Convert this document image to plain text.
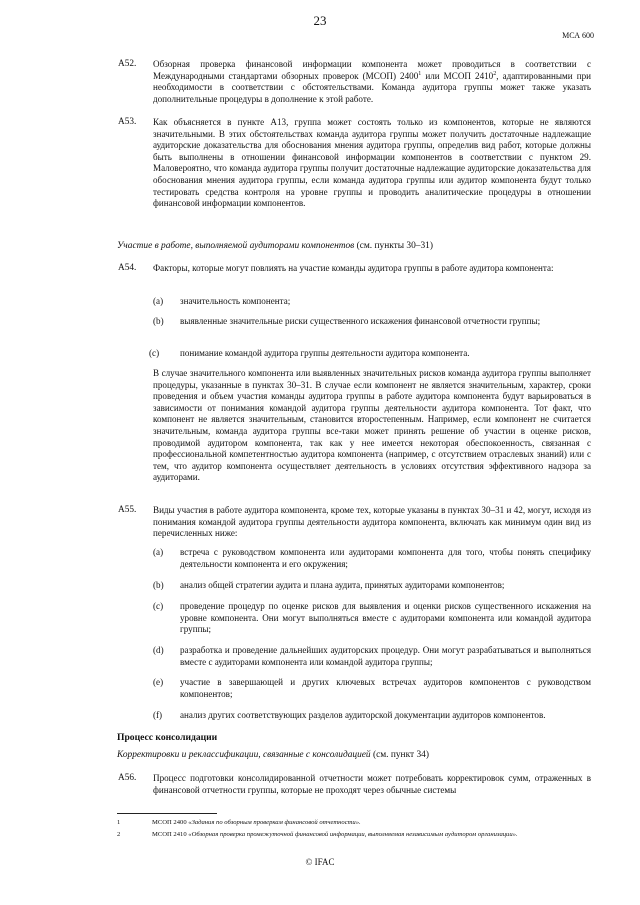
23
МСА 600
A52. Обзорная проверка финансовой информации компонента может проводиться в соответствии с Международными стандартами обзорных проверок (МСОП) 2400$^1$ или МСОП 2410$^2$, адаптированными при необходимости в соответствии с обстоятельствами. Команда аудитора группы может также указать дополнительные процедуры в дополнение к этой работе.
A53. Как объясняется в пункте А13, группа может состоять только из компонентов, которые не являются значительными. В этих обстоятельствах команда аудитора группы может получить достаточные надлежащие аудиторские доказательства для обоснования мнения аудитора группы, определив вид работ, которые должны быть выполнены в отношении финансовой информации компонентов в соответствии с пунктом 29. Маловероятно, что команда аудитора группы получит достаточные надлежащие аудиторские доказательства для обоснования мнения аудитора группы, если команда аудитора группы или аудитор компонента будут только тестировать средства контроля на уровне группы и проводить аналитические процедуры в отношении финансовой информации компонентов.
Участие в работе, выполняемой аудиторами компонентов (см. пункты 30–31)
A54. Факторы, которые могут повлиять на участие команды аудитора группы в работе аудитора компонента:
(a) значительность компонента;
(b) выявленные значительные риски существенного искажения финансовой отчетности группы;
(c) понимание командой аудитора группы деятельности аудитора компонента.
В случае значительного компонента или выявленных значительных рисков команда аудитора группы выполняет процедуры, указанные в пунктах 30–31. В случае если компонент не является значительным, характер, сроки проведения и объем участия команды аудитора группы в работе аудитора компонента будут варьироваться в зависимости от понимания командой аудитора группы деятельности аудитора компонента. Тот факт, что компонент не является значительным, становится второстепенным. Например, если компонент не считается значительным, команда аудитора группы все-таки может принять решение об участии в оценке рисков, проводимой аудитором компонента, так как у нее имеется некоторая обеспокоенность, связанная с профессиональной компетентностью аудитора компонента (например, с отсутствием отраслевых знаний) или с тем, что аудитор компонента осуществляет деятельность в условиях отсутствия эффективного надзора за аудиторами.
A55. Виды участия в работе аудитора компонента, кроме тех, которые указаны в пунктах 30–31 и 42, могут, исходя из понимания командой аудитора группы деятельности аудитора компонента, включать как минимум один вид из перечисленных ниже:
(a) встреча с руководством компонента или аудиторами компонента для того, чтобы понять специфику деятельности компонента и его окружения;
(b) анализ общей стратегии аудита и плана аудита, принятых аудиторами компонентов;
(c) проведение процедур по оценке рисков для выявления и оценки рисков существенного искажения на уровне компонента. Они могут выполняться вместе с аудиторами компонента или командой аудитора группы;
(d) разработка и проведение дальнейших аудиторских процедур. Они могут разрабатываться и выполняться вместе с аудиторами компонента или командой аудитора группы;
(e) участие в завершающей и других ключевых встречах аудиторов компонентов с руководством компонентов;
(f) анализ других соответствующих разделов аудиторской документации аудиторов компонентов.
Процесс консолидации
Корректировки и реклассификации, связанные с консолидацией (см. пункт 34)
A56. Процесс подготовки консолидированной отчетности может потребовать корректировок сумм, отраженных в финансовой отчетности группы, которые не проходят через обычные системы
1	МСОП 2400 «Задания по обзорным проверкам финансовой отчетности».
2	МСОП 2410 «Обзорная проверка промежуточной финансовой информации, выполняемая независимым аудитором организации».
© IFAC
